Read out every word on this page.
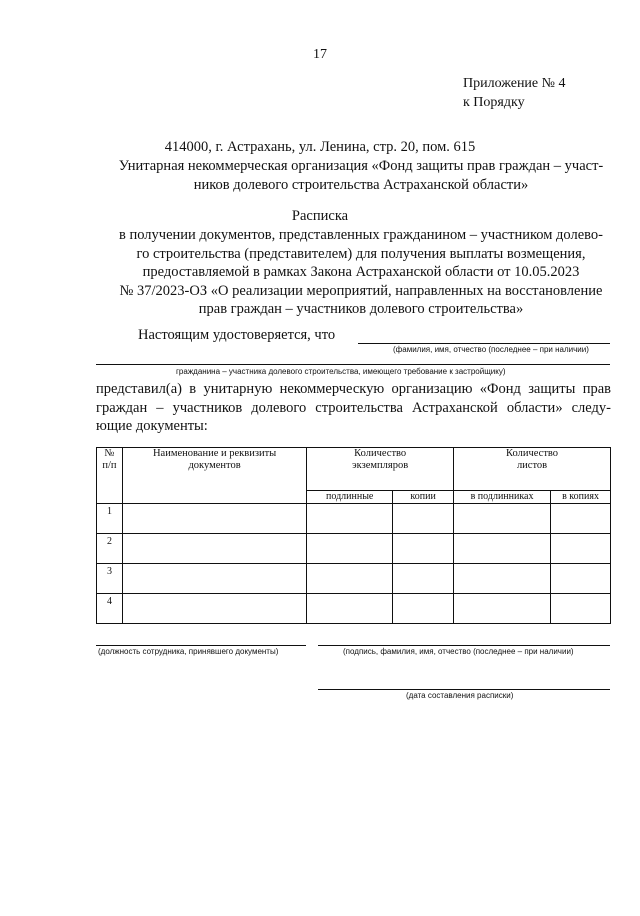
17
Приложение № 4
к Порядку
414000, г. Астрахань, ул. Ленина, стр. 20, пом. 615
Унитарная некоммерческая организация «Фонд защиты прав граждан – участ-
ников долевого строительства Астраханской области»
Расписка
в получении документов, представленных гражданином – участником долево-
го строительства (представителем) для получения выплаты возмещения,
предоставляемой в рамках Закона Астраханской области от 10.05.2023
№ 37/2023-ОЗ «О реализации мероприятий, направленных на восстановление
прав граждан – участников долевого строительства»
Настоящим удостоверяется, что
(фамилия, имя, отчество (последнее – при наличии)
гражданина – участника долевого строительства, имеющего требование к застройщику)
представил(а) в унитарную некоммерческую организацию «Фонд защиты прав
граждан – участников долевого строительства Астраханской области» следу-
ющие документы:
№ п/п	Наименование и реквизиты документов	Количество экземпляров		Количество листов	

		подлинные	копии	в подлинниках	в копиях
1					
2					
3					
4					
(должность сотрудника, принявшего документы)	(подпись, фамилия, имя, отчество (последнее – при наличии)
(дата составления расписки)
